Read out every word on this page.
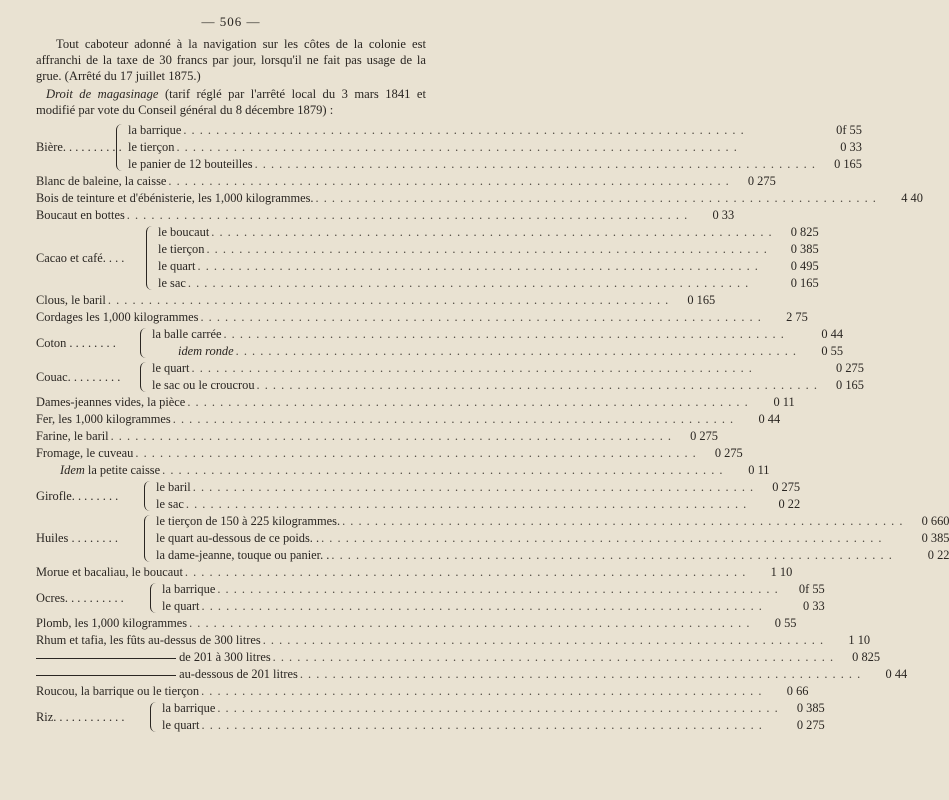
— 506 —

Tout caboteur adonné à la navigation sur les côtes de la colonie est affranchi de la taxe de 30 francs par jour, lorsqu'il ne fait pas usage de la grue. (Arrêté du 17 juillet 1875.)

Droit de magasinage (tarif réglé par l'arrêté local du 3 mars 1841 et modifié par vote du Conseil général du 8 décembre 1879) :

Bière. . . . . . . . . .
la barrique . . .	0f 55
le tierçon . . .	0 33
le panier de 12 bouteilles . . .	0 165
Blanc de baleine, la caisse . . .	0 275
Bois de teinture et d'ébénisterie, les 1,000 kilogrammes. . . .	4 40
Boucaut en bottes . . .	0 33
Cacao et café. . . .
le boucaut . . .	0 825
le tierçon . . .	0 385
le quart . . .	0 495
le sac . . .	0 165
Clous, le baril . . .	0 165
Cordages les 1,000 kilogrammes . . .	2 75
Coton . . . . . . . .
la balle carrée . . .	0 44
idem ronde . . .	0 55
Couac. . . . . . . . .
le quart . . .	0 275
le sac ou le croucrou . . .	0 165
Dames-jeannes vides, la pièce . . .	0 11
Fer, les 1,000 kilogrammes . . .	0 44
Farine, le baril . . .	0 275
Fromage, le cuveau . . .	0 275
Idem la petite caisse . . .	0 11
Girofle. . . . . . . .
le baril . . .	0 275
le sac . . .	0 22
Huiles . . . . . . . .
le tierçon de 150 à 225 kilogrammes. . . .	0 660
le quart au-dessous de ce poids. . . . .	0 385
la dame-jeanne, touque ou panier. . . . .	0 22
Morue et bacaliau, le boucaut . . .	1 10
Ocres. . . . . . . . . .
la barrique . . .	0f 55
le quart . . .	0 33
Plomb, les 1,000 kilogrammes . . .	0 55
Rhum et tafia, les fûts au-dessus de 300 litres . . .	1 10
de 201 à 300 litres . . .	0 825
au-dessous de 201 litres . . .	0 44
Roucou, la barrique ou le tierçon . . .	0 66
Riz. . . . . . . . . . . .
la barrique . . .	0 385
le quart . . .	0 275
